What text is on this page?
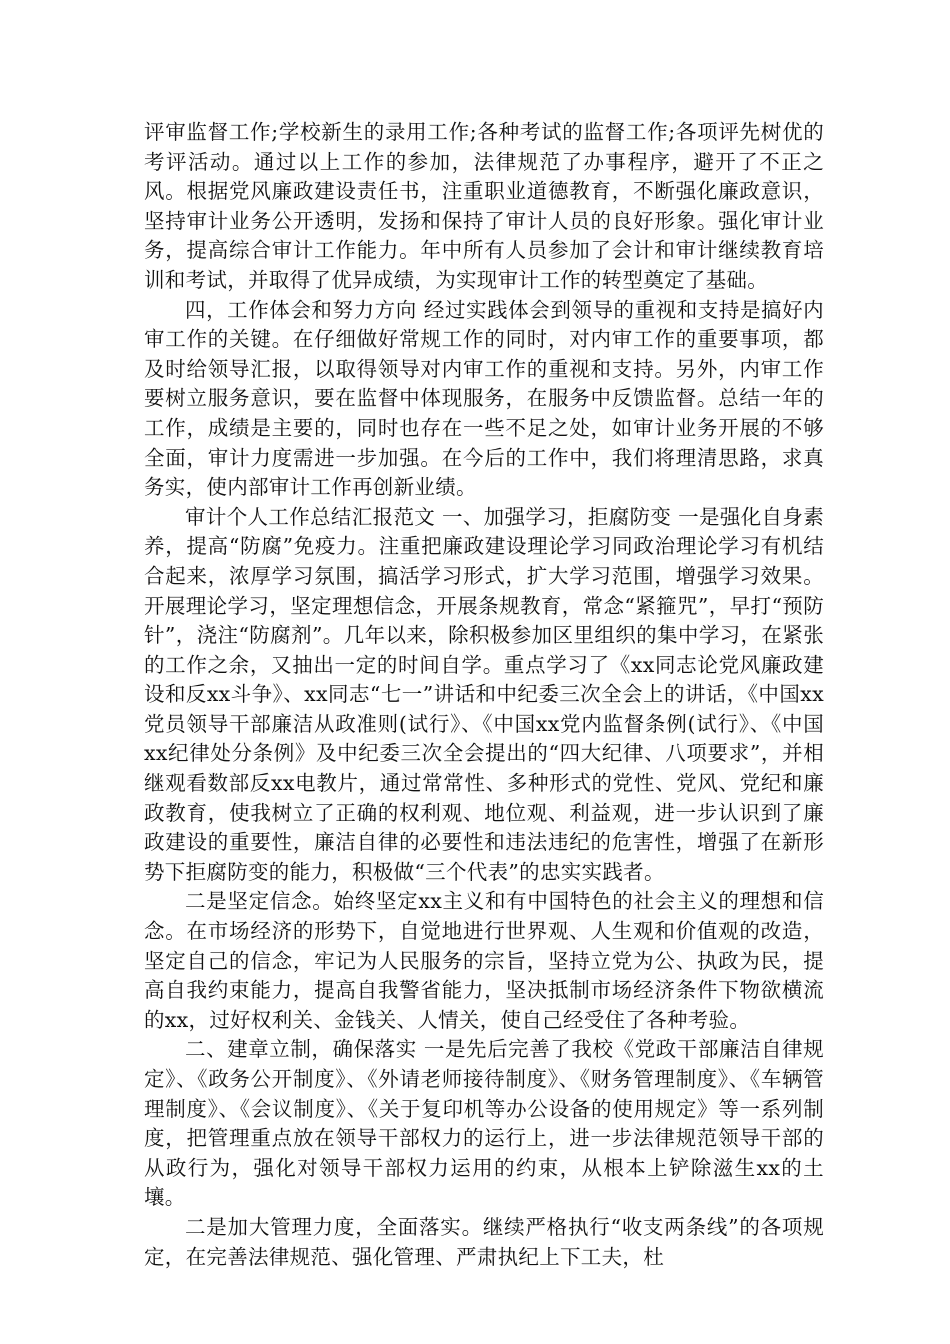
评审监督工作;学校新生的录用工作;各种考试的监督工作;各项评先树优的考评活动。通过以上工作的参加，法律规范了办事程序，避开了不正之风。根据党风廉政建设责任书，注重职业道德教育，不断强化廉政意识，坚持审计业务公开透明，发扬和保持了审计人员的良好形象。强化审计业务，提高综合审计工作能力。年中所有人员参加了会计和审计继续教育培训和考试，并取得了优异成绩，为实现审计工作的转型奠定了基础。

四，工作体会和努力方向 经过实践体会到领导的重视和支持是搞好内审工作的关键。在仔细做好常规工作的同时，对内审工作的重要事项，都及时给领导汇报，以取得领导对内审工作的重视和支持。另外，内审工作要树立服务意识，要在监督中体现服务，在服务中反馈监督。总结一年的工作，成绩是主要的，同时也存在一些不足之处，如审计业务开展的不够全面，审计力度需进一步加强。在今后的工作中，我们将理清思路，求真务实，使内部审计工作再创新业绩。

审计个人工作总结汇报范文 一、加强学习，拒腐防变 一是强化自身素养，提高“防腐”免疫力。注重把廉政建设理论学习同政治理论学习有机结合起来，浓厚学习氛围，搞活学习形式，扩大学习范围，增强学习效果。开展理论学习，坚定理想信念，开展条规教育，常念“紧箍咒”，早打“预防针”，浇注“防腐剂”。几年以来，除积极参加区里组织的集中学习，在紧张的工作之余，又抽出一定的时间自学。重点学习了《xx同志论党风廉政建设和反xx斗争》、xx同志“七一”讲话和中纪委三次全会上的讲话，《中国xx党员领导干部廉洁从政准则(试行》、《中国xx党内监督条例(试行》、《中国xx纪律处分条例》及中纪委三次全会提出的“四大纪律、八项要求”，并相继观看数部反xx电教片，通过常常性、多种形式的党性、党风、党纪和廉政教育，使我树立了正确的权利观、地位观、利益观，进一步认识到了廉政建设的重要性，廉洁自律的必要性和违法违纪的危害性，增强了在新形势下拒腐防变的能力，积极做“三个代表”的忠实实践者。

二是坚定信念。始终坚定xx主义和有中国特色的社会主义的理想和信念。在市场经济的形势下，自觉地进行世界观、人生观和价值观的改造，坚定自己的信念，牢记为人民服务的宗旨，坚持立党为公、执政为民，提高自我约束能力，提高自我警省能力，坚决抵制市场经济条件下物欲横流的xx，过好权利关、金钱关、人情关，使自己经受住了各种考验。

二、建章立制，确保落实 一是先后完善了我校《党政干部廉洁自律规定》、《政务公开制度》、《外请老师接待制度》、《财务管理制度》、《车辆管理制度》、《会议制度》、《关于复印机等办公设备的使用规定》等一系列制度，把管理重点放在领导干部权力的运行上，进一步法律规范领导干部的从政行为，强化对领导干部权力运用的约束，从根本上铲除滋生xx的土壤。

二是加大管理力度，全面落实。继续严格执行“收支两条线”的各项规定，在完善法律规范、强化管理、严肃执纪上下工夫，杜
